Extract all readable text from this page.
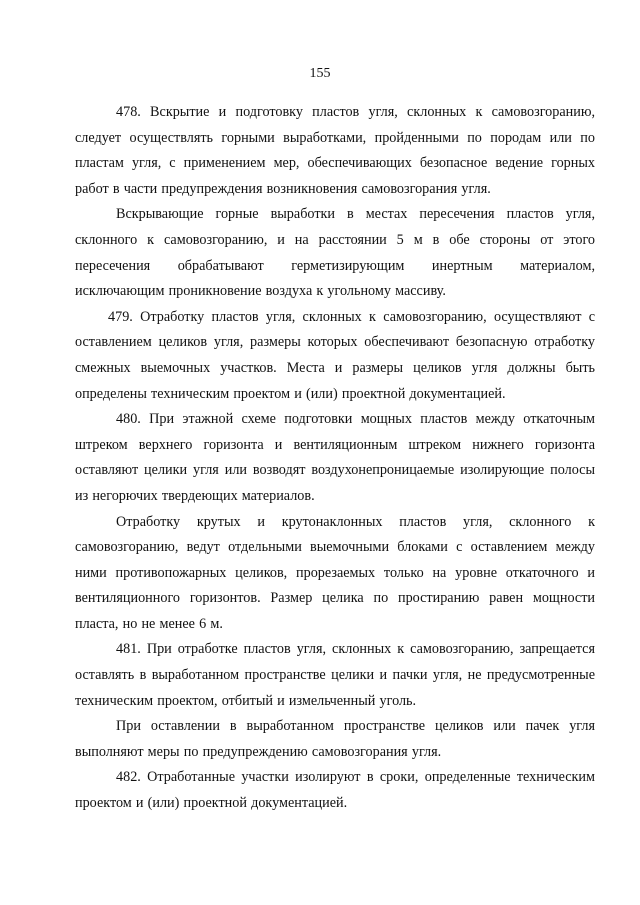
155

478. Вскрытие и подготовку пластов угля, склонных к самовозгоранию, следует осуществлять горными выработками, пройденными по породам или по пластам угля, с применением мер, обеспечивающих безопасное ведение горных работ в части предупреждения возникновения самовозгорания угля.

Вскрывающие горные выработки в местах пересечения пластов угля, склонного к самовозгоранию, и на расстоянии 5 м в обе стороны от этого пересечения обрабатывают герметизирующим инертным материалом, исключающим проникновение воздуха к угольному массиву.

479. Отработку пластов угля, склонных к самовозгоранию, осуществляют с оставлением целиков угля, размеры которых обеспечивают безопасную отработку смежных выемочных участков. Места и размеры целиков угля должны быть определены техническим проектом и (или) проектной документацией.

480. При этажной схеме подготовки мощных пластов между откаточным штреком верхнего горизонта и вентиляционным штреком нижнего горизонта оставляют целики угля или возводят воздухонепроницаемые изолирующие полосы из негорючих твердеющих материалов.

Отработку крутых и крутонаклонных пластов угля, склонного к самовозгоранию, ведут отдельными выемочными блоками с оставлением между ними противопожарных целиков, прорезаемых только на уровне откаточного и вентиляционного горизонтов. Размер целика по простиранию равен мощности пласта, но не менее 6 м.

481. При отработке пластов угля, склонных к самовозгоранию, запрещается оставлять в выработанном пространстве целики и пачки угля, не предусмотренные техническим проектом, отбитый и измельченный уголь.

При оставлении в выработанном пространстве целиков или пачек угля выполняют меры по предупреждению самовозгорания угля.

482. Отработанные участки изолируют в сроки, определенные техническим проектом и (или) проектной документацией.
